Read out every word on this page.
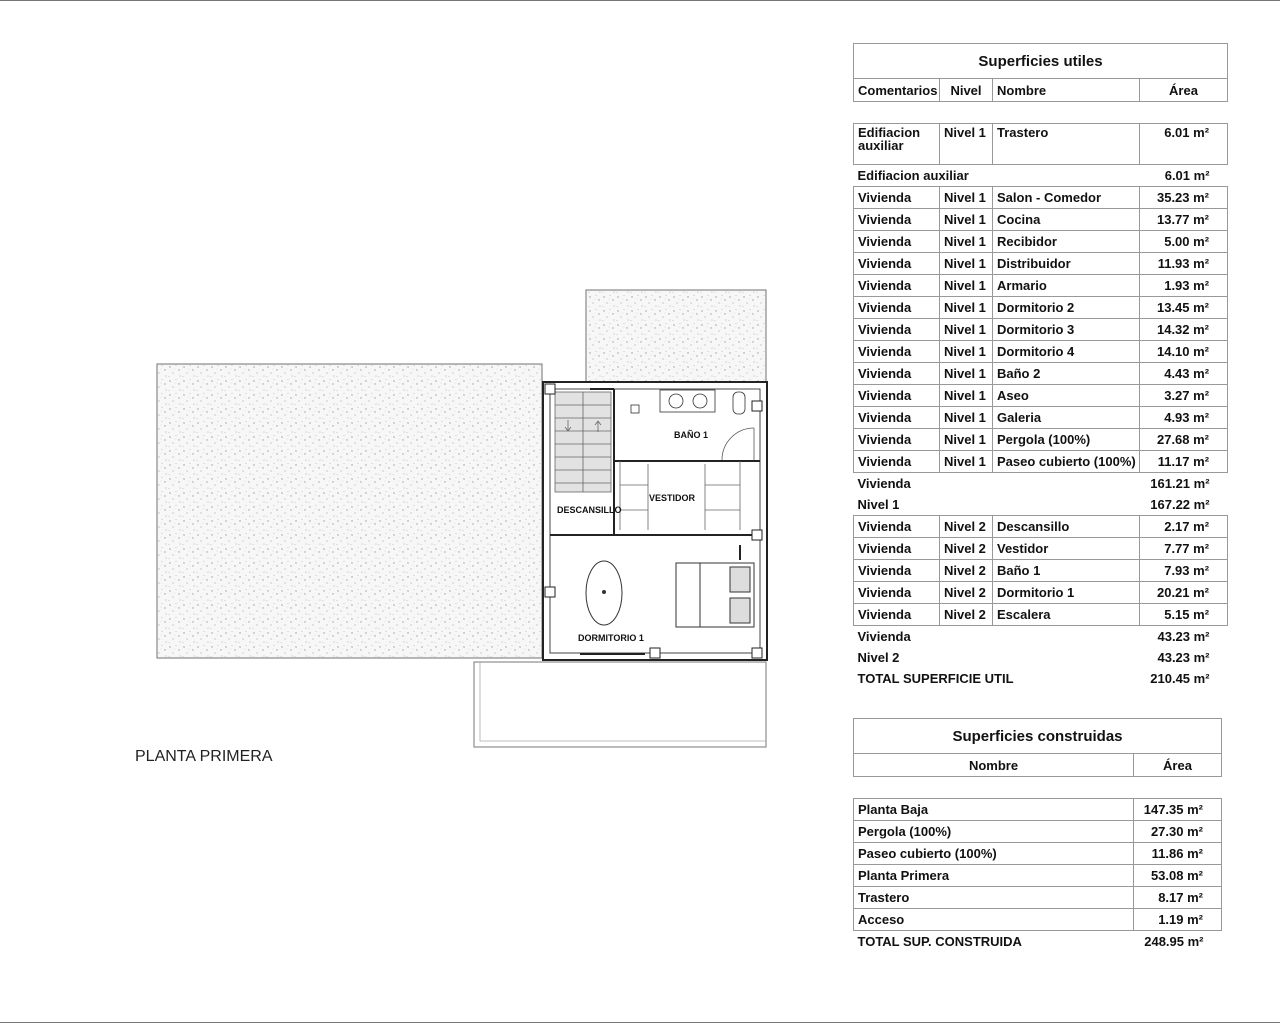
BAÑO 1
VESTIDOR
DESCANSILLO
DORMITORIO 1
PLANTA PRIMERA
Superficies utiles			
Comentarios	Nivel	Nombre	Área

Edifiacion auxiliar	Nivel 1	Trastero	6.01 m²
Edifiacion auxiliar			6.01 m²
Vivienda	Nivel 1	Salon - Comedor	35.23 m²
Vivienda	Nivel 1	Cocina	13.77 m²
Vivienda	Nivel 1	Recibidor	5.00 m²
Vivienda	Nivel 1	Distribuidor	11.93 m²
Vivienda	Nivel 1	Armario	1.93 m²
Vivienda	Nivel 1	Dormitorio 2	13.45 m²
Vivienda	Nivel 1	Dormitorio 3	14.32 m²
Vivienda	Nivel 1	Dormitorio 4	14.10 m²
Vivienda	Nivel 1	Baño 2	4.43 m²
Vivienda	Nivel 1	Aseo	3.27 m²
Vivienda	Nivel 1	Galeria	4.93 m²
Vivienda	Nivel 1	Pergola (100%)	27.68 m²
Vivienda	Nivel 1	Paseo cubierto (100%)	11.17 m²
Vivienda			161.21 m²
Nivel 1			167.22 m²
Vivienda	Nivel 2	Descansillo	2.17 m²
Vivienda	Nivel 2	Vestidor	7.77 m²
Vivienda	Nivel 2	Baño 1	7.93 m²
Vivienda	Nivel 2	Dormitorio 1	20.21 m²
Vivienda	Nivel 2	Escalera	5.15 m²
Vivienda			43.23 m²
Nivel 2			43.23 m²
TOTAL SUPERFICIE UTIL			210.45 m²
Superficies construidas	
Nombre	Área

Planta Baja	147.35 m²
Pergola (100%)	27.30 m²
Paseo cubierto (100%)	11.86 m²
Planta Primera	53.08 m²
Trastero	8.17 m²
Acceso	1.19 m²
TOTAL SUP. CONSTRUIDA	248.95 m²
